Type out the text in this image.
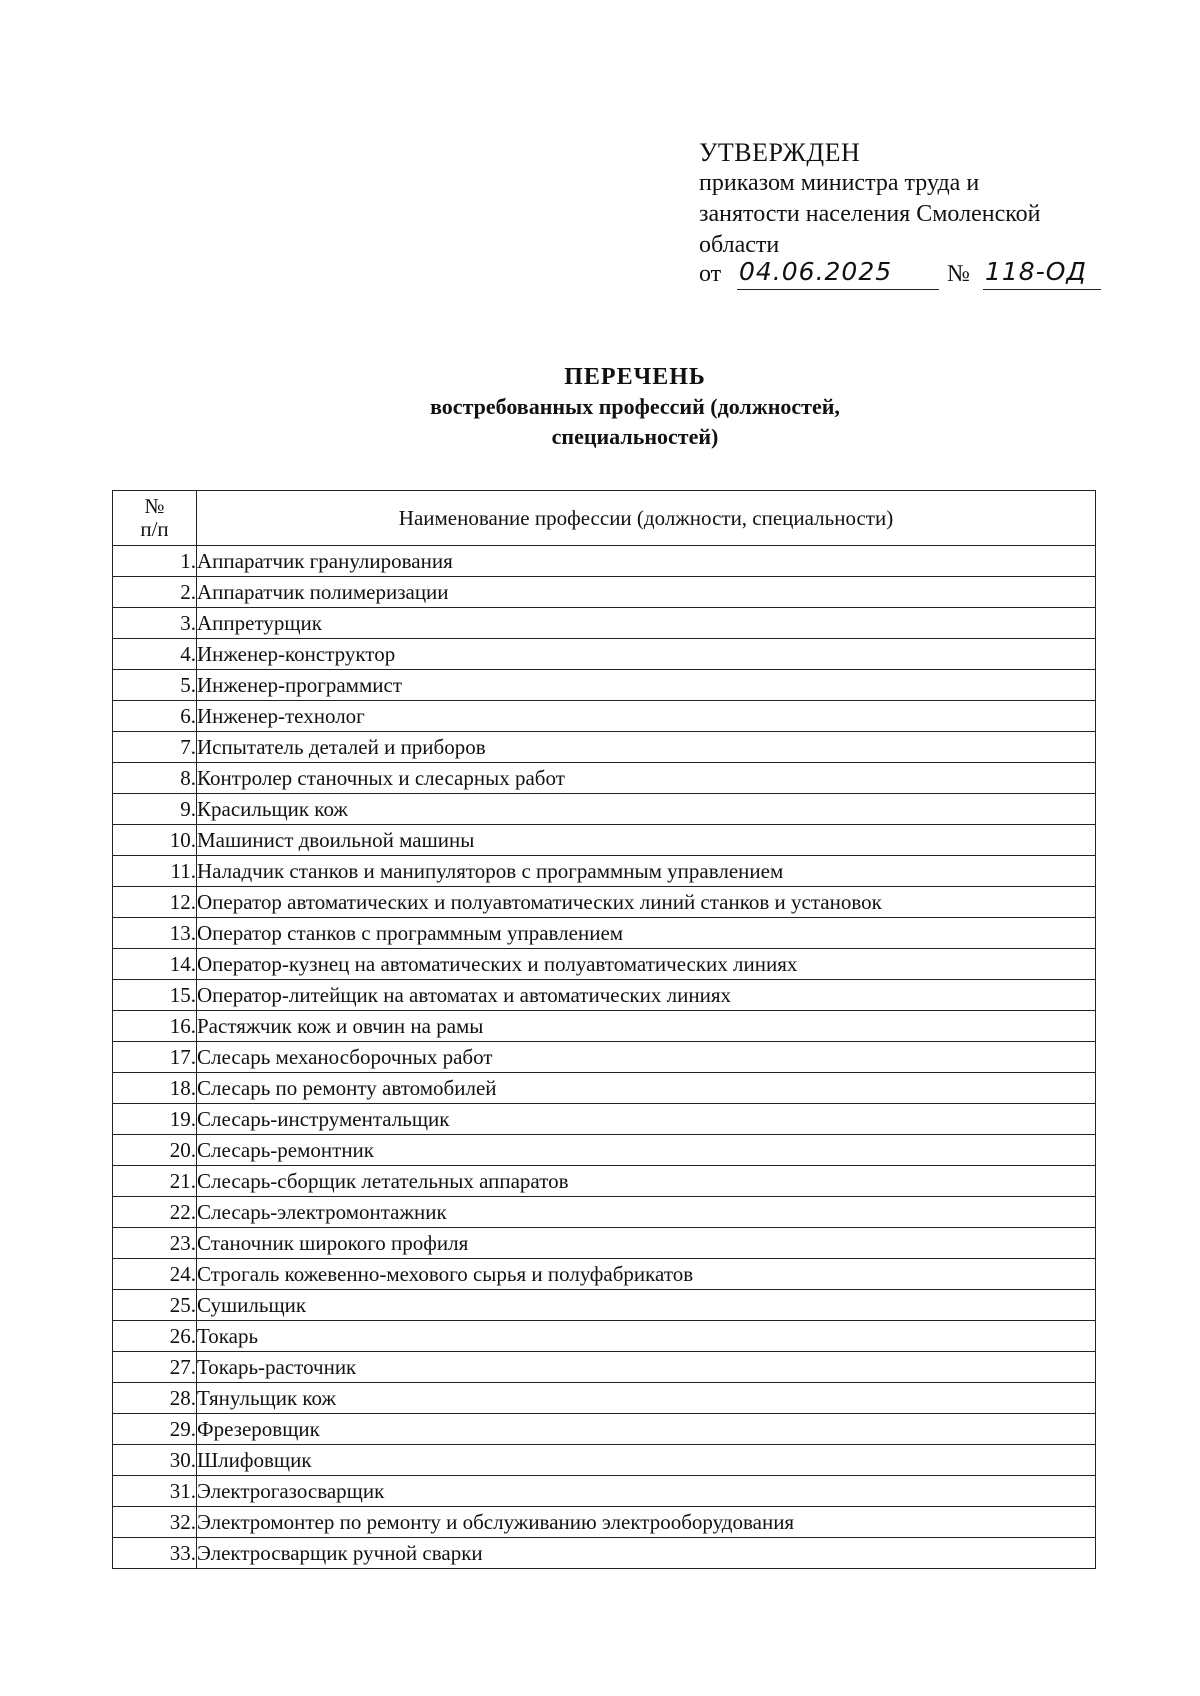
УТВЕРЖДЕН
приказом министра труда и
занятости населения Смоленской
области
от 04.06.2025	№ 118-ОД
ПЕРЕЧЕНЬ
востребованных профессий (должностей,
специальностей)
№
п/п	Наименование профессии (должности, специальности)
1.	Аппаратчик гранулирования
2.	Аппаратчик полимеризации
3.	Аппретурщик
4.	Инженер-конструктор
5.	Инженер-программист
6.	Инженер-технолог
7.	Испытатель деталей и приборов
8.	Контролер станочных и слесарных работ
9.	Красильщик кож
10.	Машинист двоильной машины
11.	Наладчик станков и манипуляторов с программным управлением
12.	Оператор автоматических и полуавтоматических линий станков и установок
13.	Оператор станков с программным управлением
14.	Оператор-кузнец на автоматических и полуавтоматических линиях
15.	Оператор-литейщик на автоматах и автоматических линиях
16.	Растяжчик кож и овчин на рамы
17.	Слесарь механосборочных работ
18.	Слесарь по ремонту автомобилей
19.	Слесарь-инструментальщик
20.	Слесарь-ремонтник
21.	Слесарь-сборщик летательных аппаратов
22.	Слесарь-электромонтажник
23.	Станочник широкого профиля
24.	Строгаль кожевенно-мехового сырья и полуфабрикатов
25.	Сушильщик
26.	Токарь
27.	Токарь-расточник
28.	Тянульщик кож
29.	Фрезеровщик
30.	Шлифовщик
31.	Электрогазосварщик
32.	Электромонтер по ремонту и обслуживанию электрооборудования
33.	Электросварщик ручной сварки
